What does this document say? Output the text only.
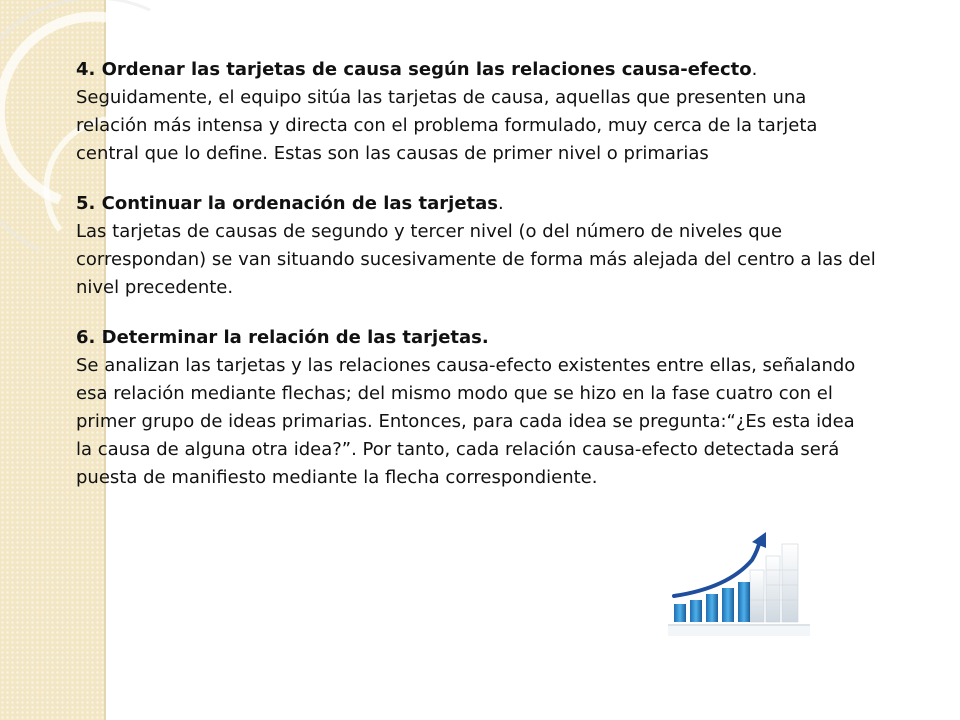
4. Ordenar las tarjetas de causa según las relaciones causa-efecto.
Seguidamente, el equipo sitúa las tarjetas de causa, aquellas que presenten una relación más intensa y directa con el problema formulado, muy cerca de la tarjeta central que lo define. Estas son las causas de primer nivel o primarias
5. Continuar la ordenación de las tarjetas.
Las tarjetas de causas de segundo y tercer nivel (o del número de niveles que correspondan) se van situando sucesivamente de forma más alejada del centro a las del nivel precedente.
6. Determinar la relación de las tarjetas.
Se analizan las tarjetas y las relaciones causa-efecto existentes entre ellas, señalando esa relación mediante flechas; del mismo modo que se hizo en la fase cuatro con el primer grupo de ideas primarias. Entonces, para cada idea se pregunta:“¿Es esta idea la causa de alguna otra idea?”. Por tanto, cada relación causa-efecto detectada será puesta de manifiesto mediante la flecha correspondiente.
